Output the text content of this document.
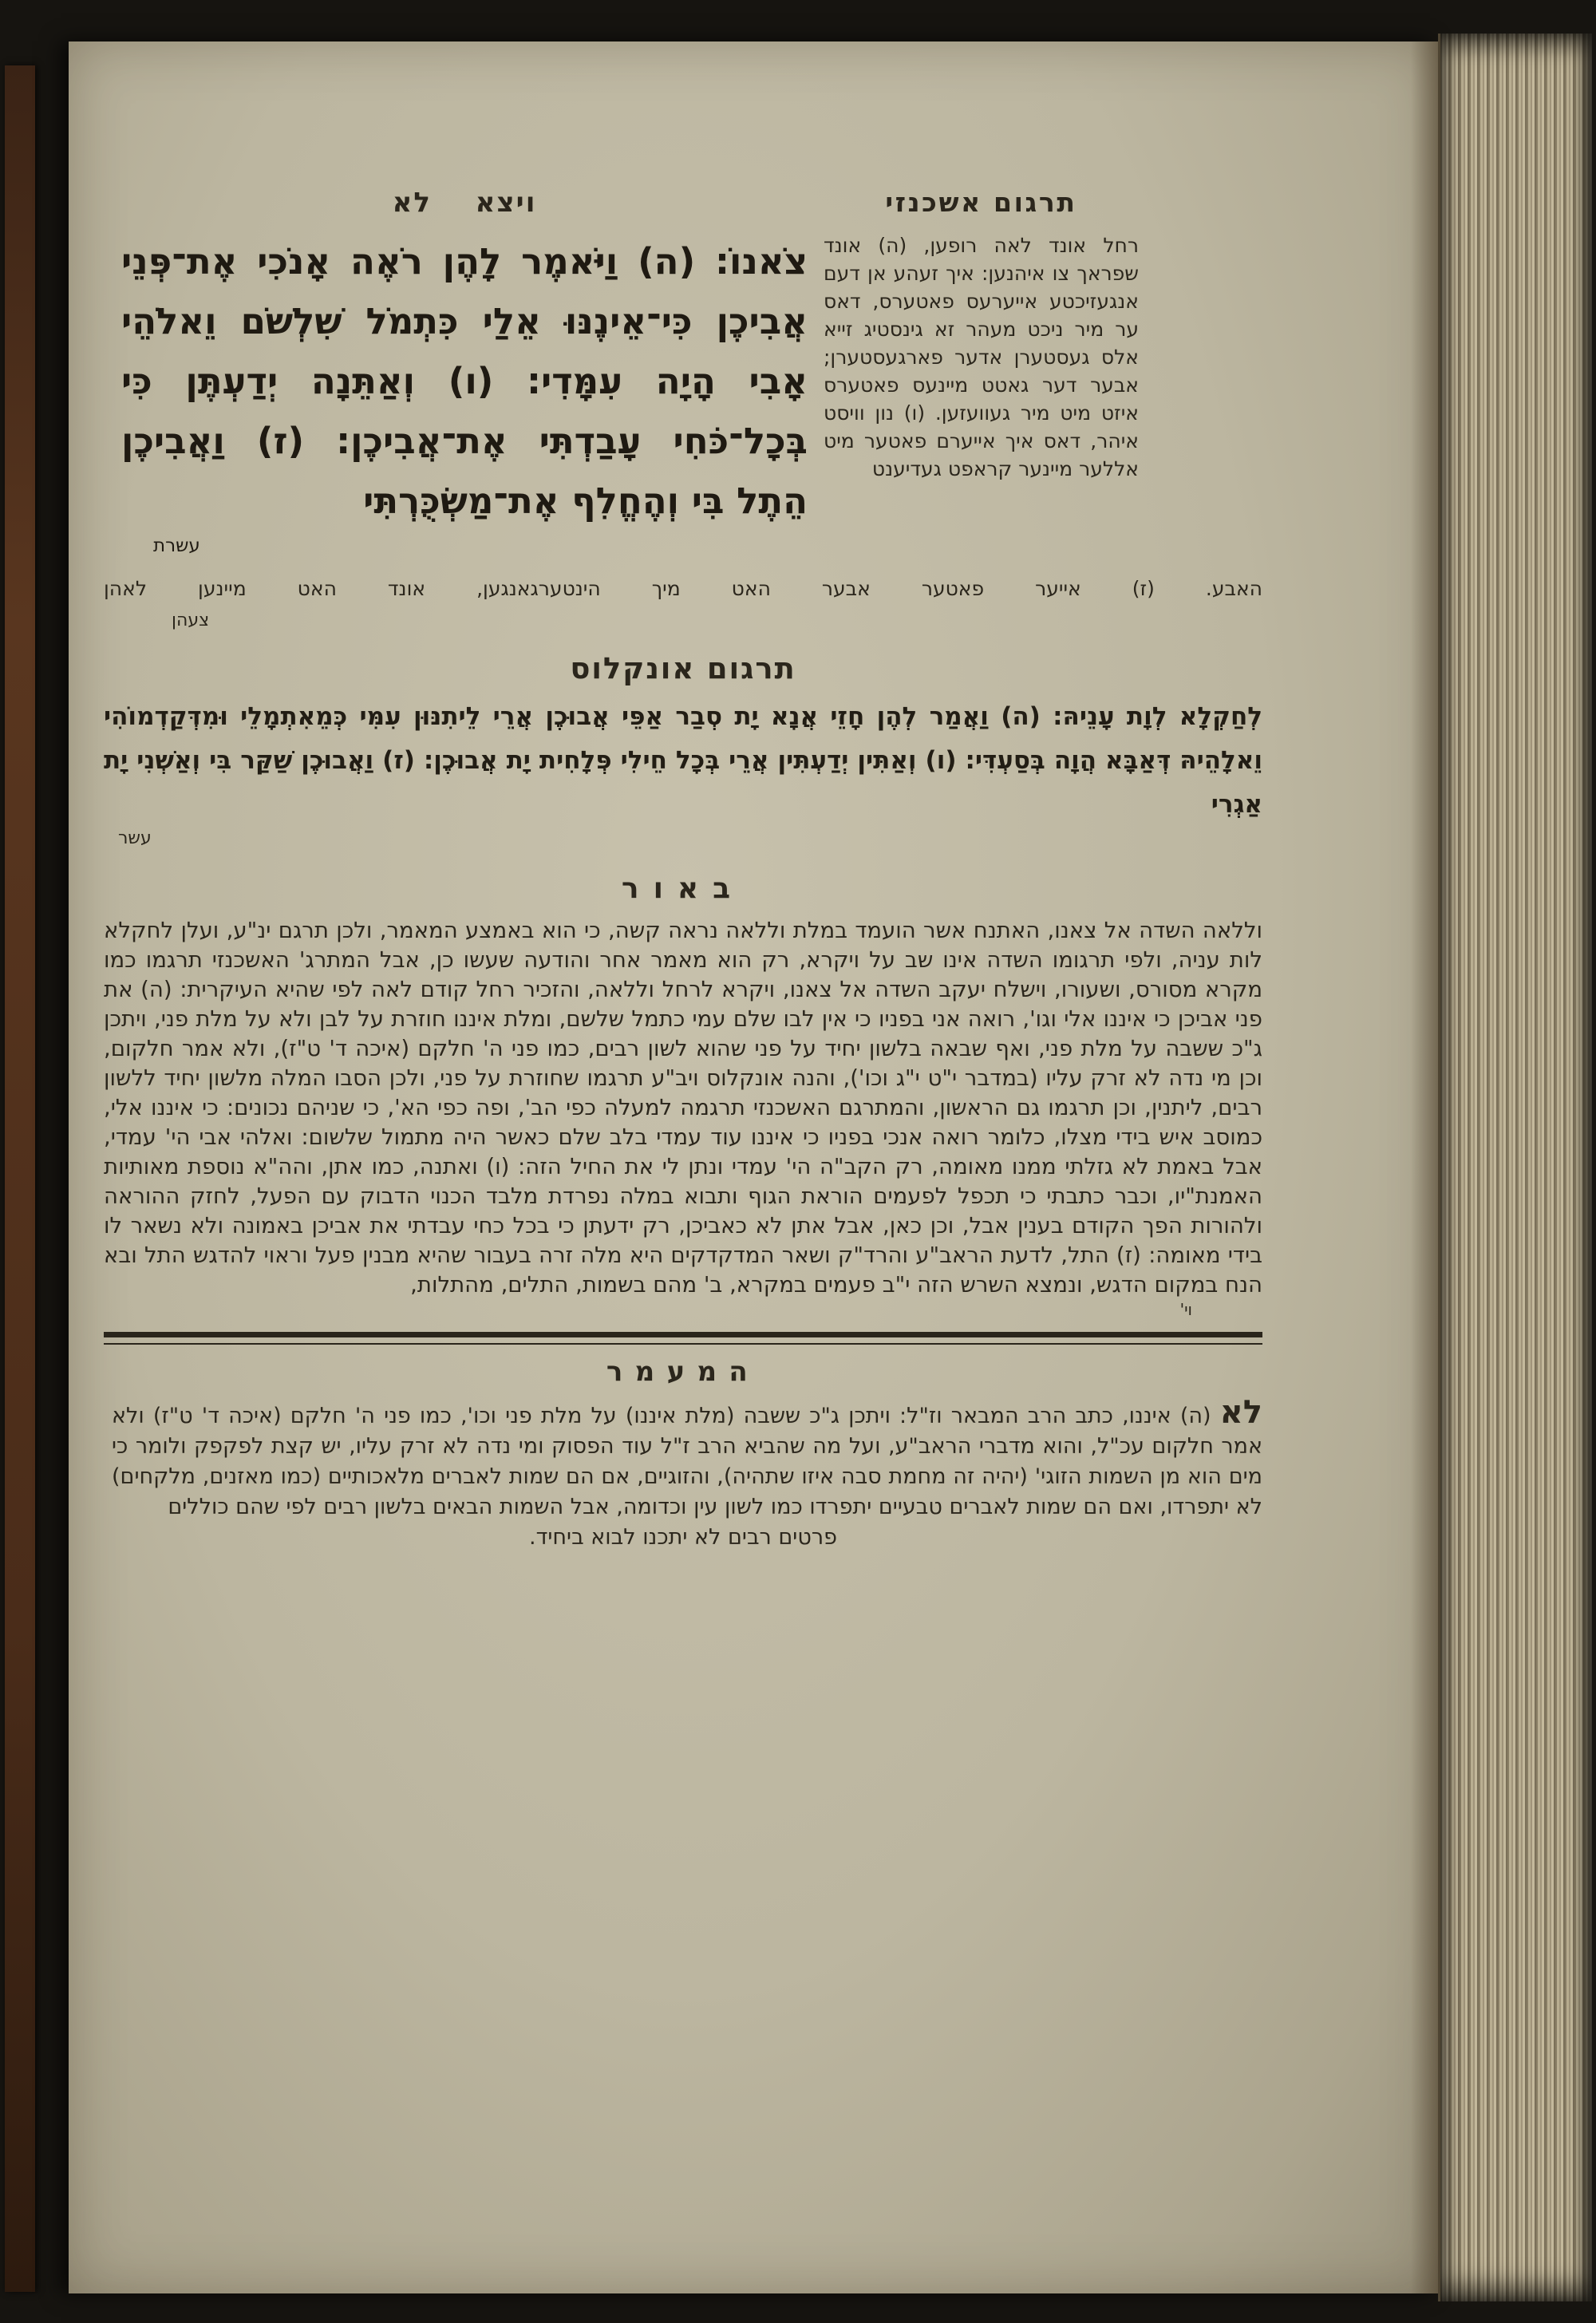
תרגום אשכנזי
ויצא לא
רחל אונד לאה רופען, (ה) אונד שפראך צו איהנען: איך זעהע אן דעם אנגעזיכטע אייערעס פאטערס, דאס ער מיר ניכט מעהר זא גינסטיג זייא אלס געסטערן אדער פארגעסטערן; אבער דער גאטט מיינעס פאטערס איזט מיט מיר געוועזען. (ו) נון וויסט איהר, דאס איך אייערם פאטער מיט אללער מיינער קראפט געדיענט
צֹאנוֹ: (ה) וַיֹּאמֶר לָהֶן רֹאֶה אָנֹכִי אֶת־פְּנֵי אֲבִיכֶן כִּי־אֵינֶנּוּ אֵלַי כִּתְמֹל שִׁלְשֹׁם וֵאלֹהֵי אָבִי הָיָה עִמָּדִי: (ו) וְאַתֵּנָה יְדַעְתֶּן כִּי בְּכָל־כֹּחִי עָבַדְתִּי אֶת־אֲבִיכֶן: (ז) וַאֲבִיכֶן הֵתֶל בִּי וְהֶחֱלִף אֶת־מַשְׂכֻּרְתִּי
עשרת
האבע. (ז) אייער פאטער אבער האט מיך הינטערגאנגען, אונד האט מיינען לאהן
צעהן
תרגום אונקלוס
לְחַקְלָא לְוָת עָנֵיהּ: (ה) וַאֲמַר לְהֶן חָזֵי אֲנָא יָת סְבַר אַפֵּי אֲבוּכֶן אֲרֵי לֵיתִנּוּן עִמִּי כְּמֵאִתְמָלֵי וּמִדְּקַדְמוֹהִי וֵאלָהֵיהּ דְּאַבָּא הֲוָה בְּסַעְדִּי: (ו) וְאַתִּין יְדַעְתִּין אֲרֵי בְּכָל חֵילִי פְּלָחִית יָת אֲבוּכֶן: (ז) וַאֲבוּכֶן שַׁקַּר בִּי וְאַשְׁנִי יָת אַגְרִי
עשר
באור
וללאה השדה אל צאנו, האתנח אשר הועמד במלת וללאה נראה קשה, כי הוא באמצע המאמר, ולכן תרגם ינ"ע, ועלן לחקלא לות עניה, ולפי תרגומו השדה אינו שב על ויקרא, רק הוא מאמר אחר והודעה שעשו כן, אבל המתרג' האשכנזי תרגמו כמו מקרא מסורס, ושעורו, וישלח יעקב השדה אל צאנו, ויקרא לרחל וללאה, והזכיר רחל קודם לאה לפי שהיא העיקרית: (ה) את פני אביכן כי איננו אלי וגו', רואה אני בפניו כי אין לבו שלם עמי כתמל שלשם, ומלת איננו חוזרת על לבן ולא על מלת פני, ויתכן ג"כ ששבה על מלת פני, ואף שבאה בלשון יחיד על פני שהוא לשון רבים, כמו פני ה' חלקם (איכה ד' ט"ז), ולא אמר חלקום, וכן מי נדה לא זרק עליו (במדבר י"ט י"ג וכו'), והנה אונקלוס ויב"ע תרגמו שחוזרת על פני, ולכן הסבו המלה מלשון יחיד ללשון רבים, ליתנין, וכן תרגמו גם הראשון, והמתרגם האשכנזי תרגמה למעלה כפי הב', ופה כפי הא', כי שניהם נכונים: כי איננו אלי, כמוסב איש בידי מצלו, כלומר רואה אנכי בפניו כי איננו עוד עמדי בלב שלם כאשר היה מתמול שלשום: ואלהי אבי הי' עמדי, אבל באמת לא גזלתי ממנו מאומה, רק הקב"ה הי' עמדי ונתן לי את החיל הזה: (ו) ואתנה, כמו אתן, והה"א נוספת מאותיות האמנת"יו, וכבר כתבתי כי תכפל לפעמים הוראת הגוף ותבוא במלה נפרדת מלבד הכנוי הדבוק עם הפעל, לחזק ההוראה ולהורות הפך הקודם בענין אבל, וכן כאן, אבל אתן לא כאביכן, רק ידעתן כי בכל כחי עבדתי את אביכן באמונה ולא נשאר לו בידי מאומה: (ז) התל, לדעת הראב"ע והרד"ק ושאר המדקדקים היא מלה זרה בעבור שהיא מבנין פעל וראוי להדגש התל ובא הנח במקום הדגש, ונמצא השרש הזה י"ב פעמים במקרא, ב' מהם בשמות, התלים, מהתלות,
וי'
המעמר
לא (ה) איננו, כתב הרב המבאר וז"ל: ויתכן ג"כ ששבה (מלת איננו) על מלת פני וכו', כמו פני ה' חלקם (איכה ד' ט"ז) ולא אמר חלקום עכ"ל, והוא מדברי הראב"ע, ועל מה שהביא הרב ז"ל עוד הפסוק ומי נדה לא זרק עליו, יש קצת לפקפק ולומר כי מים הוא מן השמות הזוגי' (יהיה זה מחמת סבה איזו שתהיה), והזוגיים, אם הם שמות לאברים מלאכותיים (כמו מאזנים, מלקחים) לא יתפרדו, ואם הם שמות לאברים טבעיים יתפרדו כמו לשון עין וכדומה, אבל השמות הבאים בלשון רבים לפי שהם כוללים
פרטים רבים לא יתכנו לבוא ביחיד.
